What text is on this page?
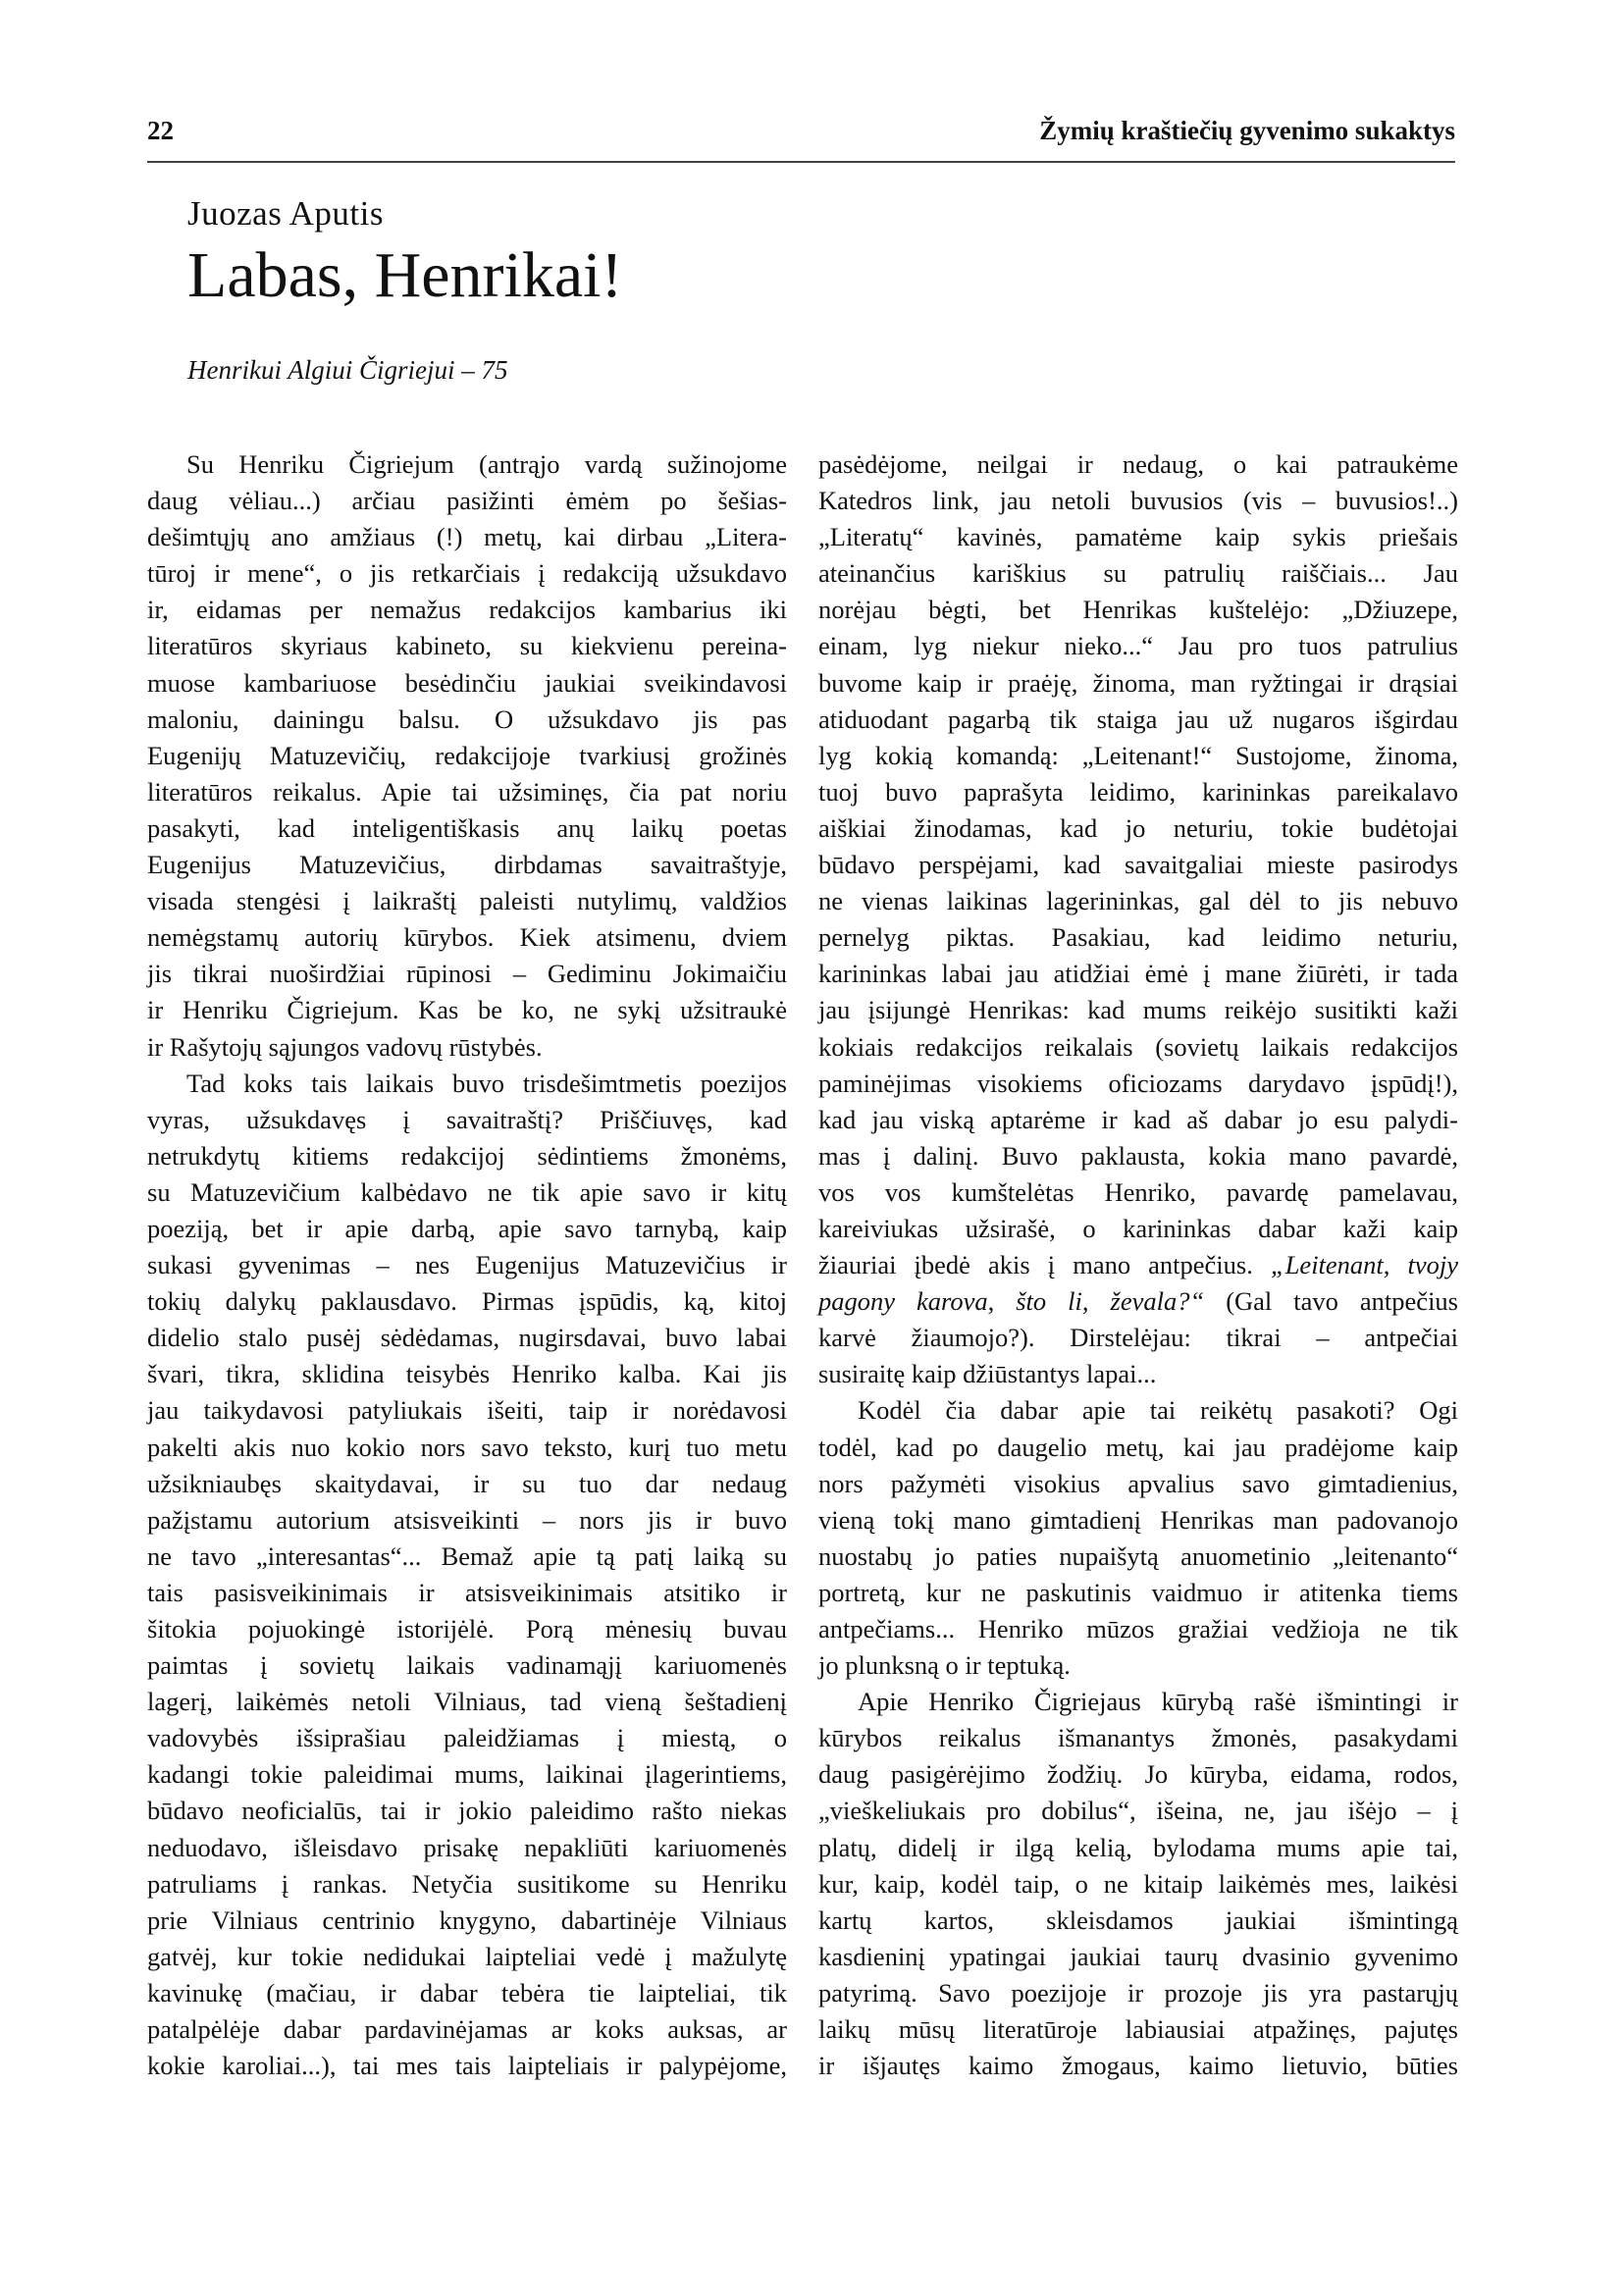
22	Žymių kraštiečių gyvenimo sukaktys
Juozas Aputis
Labas, Henrikai!
Henrikui Algiui Čigriejui – 75
Su Henriku Čigriejum (antrąjo vardą sužinojome
daug vėliau...) arčiau pasižinti ėmėm po šešias-
dešimtųjų ano amžiaus (!) metų, kai dirbau „Litera-
tūroj ir mene“, o jis retkarčiais į redakciją užsukdavo
ir, eidamas per nemažus redakcijos kambarius iki
literatūros skyriaus kabineto, su kiekvienu pereina-
muose kambariuose besėdinčiu jaukiai sveikindavosi
maloniu, dainingu balsu. O užsukdavo jis pas
Eugenijų Matuzevičių, redakcijoje tvarkiusį grožinės
literatūros reikalus. Apie tai užsiminęs, čia pat noriu
pasakyti, kad inteligentiškasis anų laikų poetas
Eugenijus Matuzevičius, dirbdamas savaitraštyje,
visada stengėsi į laikraštį paleisti nutylimų, valdžios
nemėgstamų autorių kūrybos. Kiek atsimenu, dviem
jis tikrai nuoširdžiai rūpinosi – Gediminu Jokimaičiu
ir Henriku Čigriejum. Kas be ko, ne sykį užsitraukė
ir Rašytojų sąjungos vadovų rūstybės.
Tad koks tais laikais buvo trisdešimtmetis poezijos
vyras, užsukdavęs į savaitraštį? Priščiuvęs, kad
netrukdytų kitiems redakcijoj sėdintiems žmonėms,
su Matuzevičium kalbėdavo ne tik apie savo ir kitų
poeziją, bet ir apie darbą, apie savo tarnybą, kaip
sukasi gyvenimas – nes Eugenijus Matuzevičius ir
tokių dalykų paklausdavo. Pirmas įspūdis, ką, kitoj
didelio stalo pusėj sėdėdamas, nugirsdavai, buvo labai
švari, tikra, sklidina teisybės Henriko kalba. Kai jis
jau taikydavosi patyliukais išeiti, taip ir norėdavosi
pakelti akis nuo kokio nors savo teksto, kurį tuo metu
užsikniaubęs skaitydavai, ir su tuo dar nedaug
pažįstamu autorium atsisveikinti – nors jis ir buvo
ne tavo „interesantas“... Bemaž apie tą patį laiką su
tais pasisveikinimais ir atsisveikinimais atsitiko ir
šitokia pojuokingė istorijėlė. Porą mėnesių buvau
paimtas į sovietų laikais vadinamąjį kariuomenės
lagerį, laikėmės netoli Vilniaus, tad vieną šeštadienį
vadovybės išsiprašiau paleidžiamas į miestą, o
kadangi tokie paleidimai mums, laikinai įlagerintiems,
būdavo neoficialūs, tai ir jokio paleidimo rašto niekas
neduodavo, išleisdavo prisakę nepakliūti kariuomenės
patruliams į rankas. Netyčia susitikome su Henriku
prie Vilniaus centrinio knygyno, dabartinėje Vilniaus
gatvėj, kur tokie nedidukai laipteliai vedė į mažulytę
kavinukę (mačiau, ir dabar tebėra tie laipteliai, tik
patalpėlėje dabar pardavinėjamas ar koks auksas, ar
kokie karoliai...), tai mes tais laipteliais ir palypėjome,
pasėdėjome, neilgai ir nedaug, o kai patraukėme
Katedros link, jau netoli buvusios (vis – buvusios!..)
„Literatų“ kavinės, pamatėme kaip sykis priešais
ateinančius kariškius su patrulių raiščiais... Jau
norėjau bėgti, bet Henrikas kuštelėjo: „Džiuzepe,
einam, lyg niekur nieko...“ Jau pro tuos patrulius
buvome kaip ir praėję, žinoma, man ryžtingai ir drąsiai
atiduodant pagarbą tik staiga jau už nugaros išgirdau
lyg kokią komandą: „Leitenant!“ Sustojome, žinoma,
tuoj buvo paprašyta leidimo, karininkas pareikalavo
aiškiai žinodamas, kad jo neturiu, tokie budėtojai
būdavo perspėjami, kad savaitgaliai mieste pasirodys
ne vienas laikinas lagerininkas, gal dėl to jis nebuvo
pernelyg piktas. Pasakiau, kad leidimo neturiu,
karininkas labai jau atidžiai ėmė į mane žiūrėti, ir tada
jau įsijungė Henrikas: kad mums reikėjo susitikti kaži
kokiais redakcijos reikalais (sovietų laikais redakcijos
paminėjimas visokiems oficiozams darydavo įspūdį!),
kad jau viską aptarėme ir kad aš dabar jo esu palydi-
mas į dalinį. Buvo paklausta, kokia mano pavardė,
vos vos kumštelėtas Henriko, pavardę pamelavau,
kareiviukas užsirašė, o karininkas dabar kaži kaip
žiauriai įbedė akis į mano antpečius. „Leitenant, tvojy
pagony karova, što li, ževala?“ (Gal tavo antpečius
karvė žiaumojo?). Dirstelėjau: tikrai – antpečiai
susiraitę kaip džiūstantys lapai...
Kodėl čia dabar apie tai reikėtų pasakoti? Ogi
todėl, kad po daugelio metų, kai jau pradėjome kaip
nors pažymėti visokius apvalius savo gimtadienius,
vieną tokį mano gimtadienį Henrikas man padovanojo
nuostabų jo paties nupaišytą anuometinio „leitenanto“
portretą, kur ne paskutinis vaidmuo ir atitenka tiems
antpečiams... Henriko mūzos gražiai vedžioja ne tik
jo plunksną o ir teptuką.
Apie Henriko Čigriejaus kūrybą rašė išmintingi ir
kūrybos reikalus išmanantys žmonės, pasakydami
daug pasigėrėjimo žodžių. Jo kūryba, eidama, rodos,
„vieškeliukais pro dobilus“, išeina, ne, jau išėjo – į
platų, didelį ir ilgą kelią, bylodama mums apie tai,
kur, kaip, kodėl taip, o ne kitaip laikėmės mes, laikėsi
kartų kartos, skleisdamos jaukiai išmintingą
kasdieninį ypatingai jaukiai taurų dvasinio gyvenimo
patyrimą. Savo poezijoje ir prozoje jis yra pastarųjų
laikų mūsų literatūroje labiausiai atpažinęs, pajutęs
ir išjautęs kaimo žmogaus, kaimo lietuvio, būties
